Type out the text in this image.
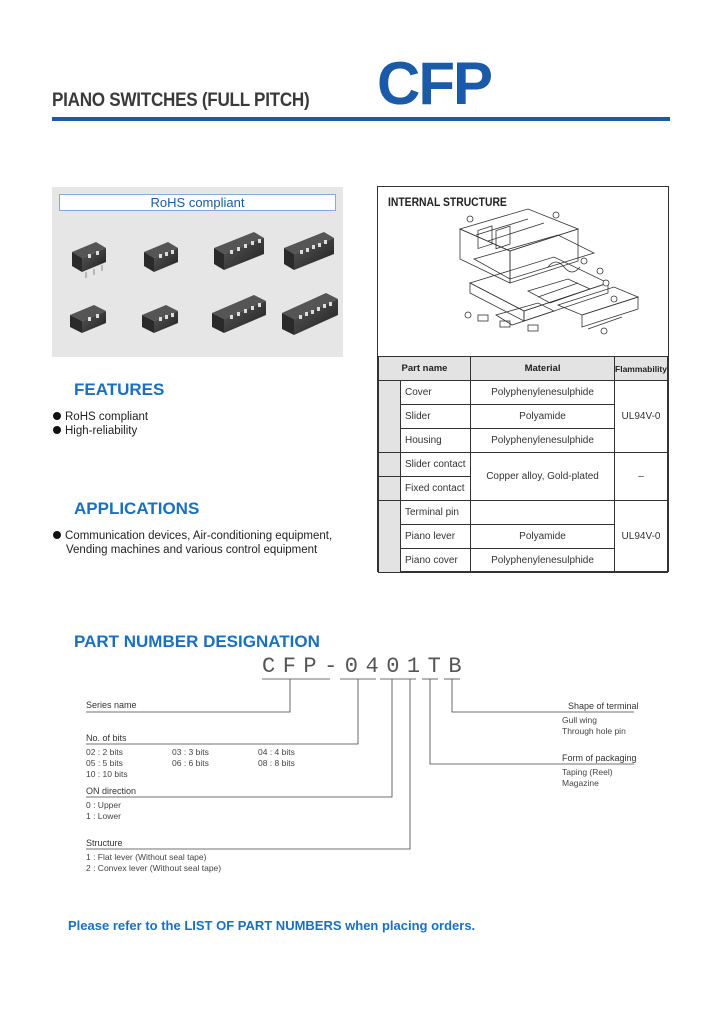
PIANO SWITCHES (FULL PITCH) CFP
RoHS compliant
FEATURES
RoHS compliant
High-reliability
APPLICATIONS
Communication devices, Air-conditioning equipment,
Vending machines and various control equipment
INTERNAL STRUCTURE
Part name		Material	Flammability
	Cover	Polyphenylenesulphide	UL94V-0
	Slider	Polyamide	
	Housing	Polyphenylenesulphide	
	Slider contact	Copper alloy, Gold-plated	–
	Fixed contact		
	Terminal pin		UL94V-0
	Piano lever	Polyamide	
	Piano cover	Polyphenylenesulphide	
PART NUMBER DESIGNATION
CFP-0401TB
Series name
No. of bits
02 : 2 bits	03 : 3 bits	04 : 4 bits
05 : 5 bits	06 : 6 bits	08 : 8 bits
10 : 10 bits
ON direction
0 : Upper
1 : Lower
Structure
1 : Flat lever (Without seal tape)
2 : Convex lever (Without seal tape)
Shape of terminal
Gull wing
Through hole pin
Form of packaging
Taping (Reel)
Magazine
Please refer to the LIST OF PART NUMBERS when placing orders.
